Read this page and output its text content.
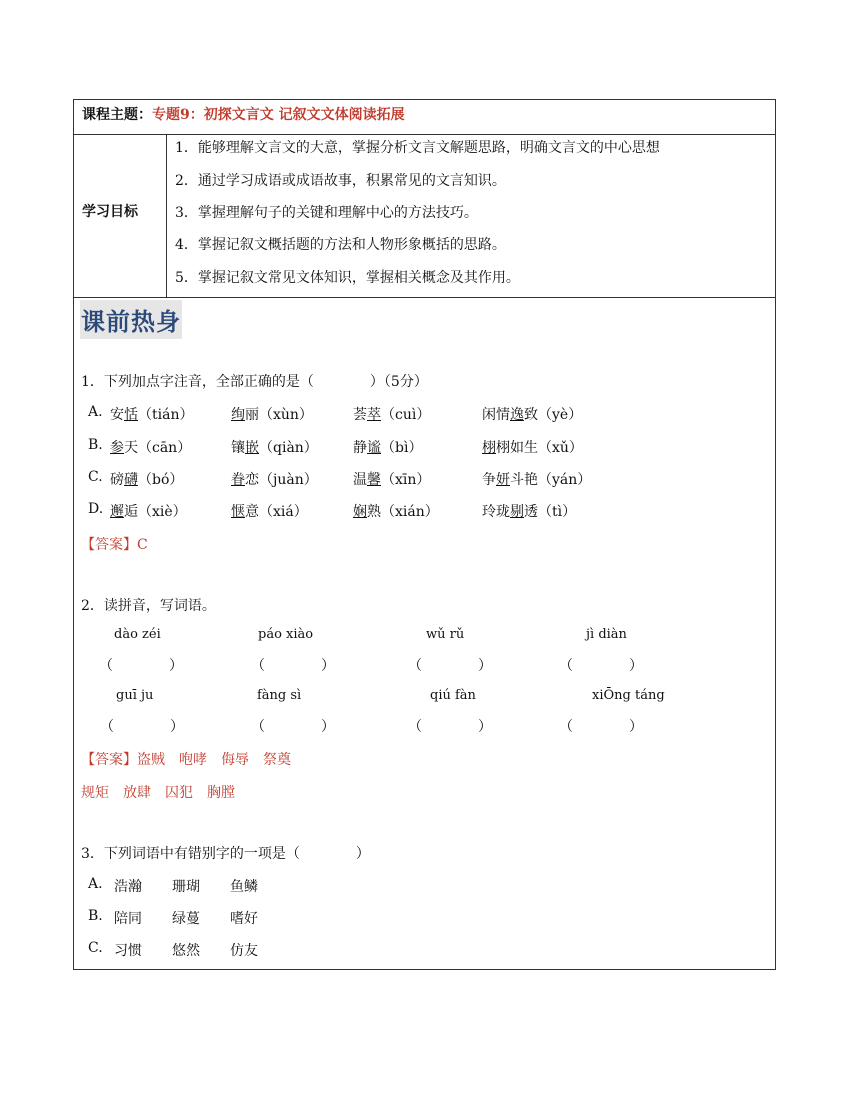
课程主题：专题9：初探文言文 记叙文文体阅读拓展
学习目标
1．能够理解文言文的大意，掌握分析文言文解题思路，明确文言文的中心思想
2．通过学习成语或成语故事，积累常见的文言知识。
3．掌握理解句子的关键和理解中心的方法技巧。
4．掌握记叙文概括题的方法和人物形象概括的思路。
5．掌握记叙文常见文体知识，掌握相关概念及其作用。
课前热身
1．下列加点字注音，全部正确的是（　　　　）（5分）
A. 安恬（tián）	绚丽（xùn）	荟萃（cuì）	闲情逸致（yè）
B. 参天（cān）	镶嵌（qiàn）	静谧（bì）	栩栩如生（xǔ）
C. 磅礴（bó）	眷恋（juàn）	温馨（xīn）	争妍斗艳（yán）
D. 邂逅（xiè）	惬意（xiá）	娴熟（xián）	玲珑剔透（tì）
【答案】C
2．读拼音，写词语。
dào zéi	páo xiào	wǔ rǔ	jì diàn
（　　　　）	（　　　　）	（　　　　）	（　　　　）
guī ju	fàng sì	qiú fàn	xiŌng táng
（　　　　）	（　　　　）	（　　　　）	（　　　　）
【答案】盗贼　咆哮　侮辱　祭奠
规矩　放肆　囚犯　胸膛
3．下列词语中有错别字的一项是（　　　　）
A. 浩瀚 珊瑚 鱼鳞
B. 陪同 绿蔓 嗜好
C. 习惯 悠然 仿友
